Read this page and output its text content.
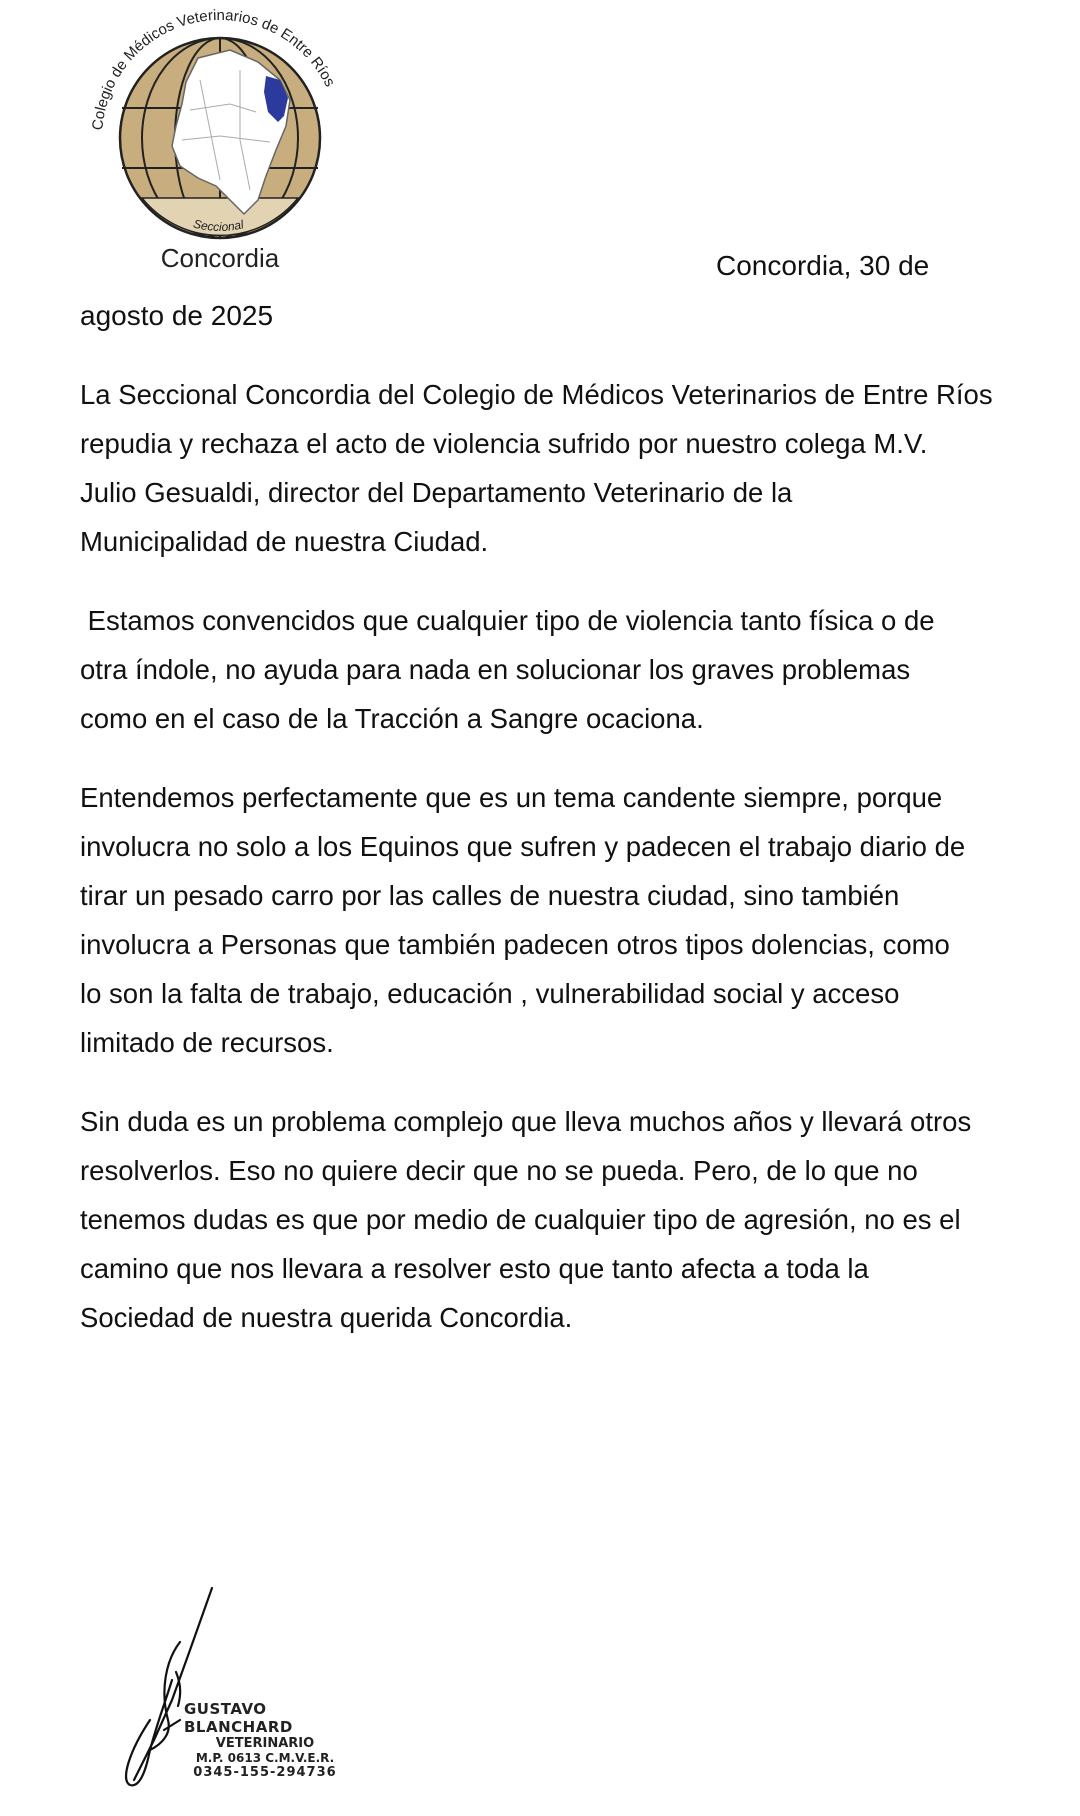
Colegio de Médicos Veterinarios de Entre Ríos
Seccional
Concordia	Concordia, 30 de
agosto de 2025

La Seccional Concordia del Colegio de Médicos Veterinarios de Entre Ríos
repudia y rechaza el acto de violencia sufrido por nuestro colega M.V.
Julio Gesualdi, director del Departamento Veterinario de la
Municipalidad de nuestra Ciudad.

Estamos convencidos que cualquier tipo de violencia tanto física o de
otra índole, no ayuda para nada en solucionar los graves problemas
como en el caso de la Tracción a Sangre ocaciona.

Entendemos perfectamente que es un tema candente siempre, porque
involucra no solo a los Equinos que sufren y padecen el trabajo diario de
tirar un pesado carro por las calles de nuestra ciudad, sino también
involucra a Personas que también padecen otros tipos dolencias, como
lo son la falta de trabajo, educación , vulnerabilidad social y acceso
limitado de recursos.

Sin duda es un problema complejo que lleva muchos años y llevará otros
resolverlos. Eso no quiere decir que no se pueda. Pero, de lo que no
tenemos dudas es que por medio de cualquier tipo de agresión, no es el
camino que nos llevara a resolver esto que tanto afecta a toda la
Sociedad de nuestra querida Concordia.

GUSTAVO BLANCHARD
VETERINARIO
M.P. 0613 C.M.V.E.R.
0345-155-294736
